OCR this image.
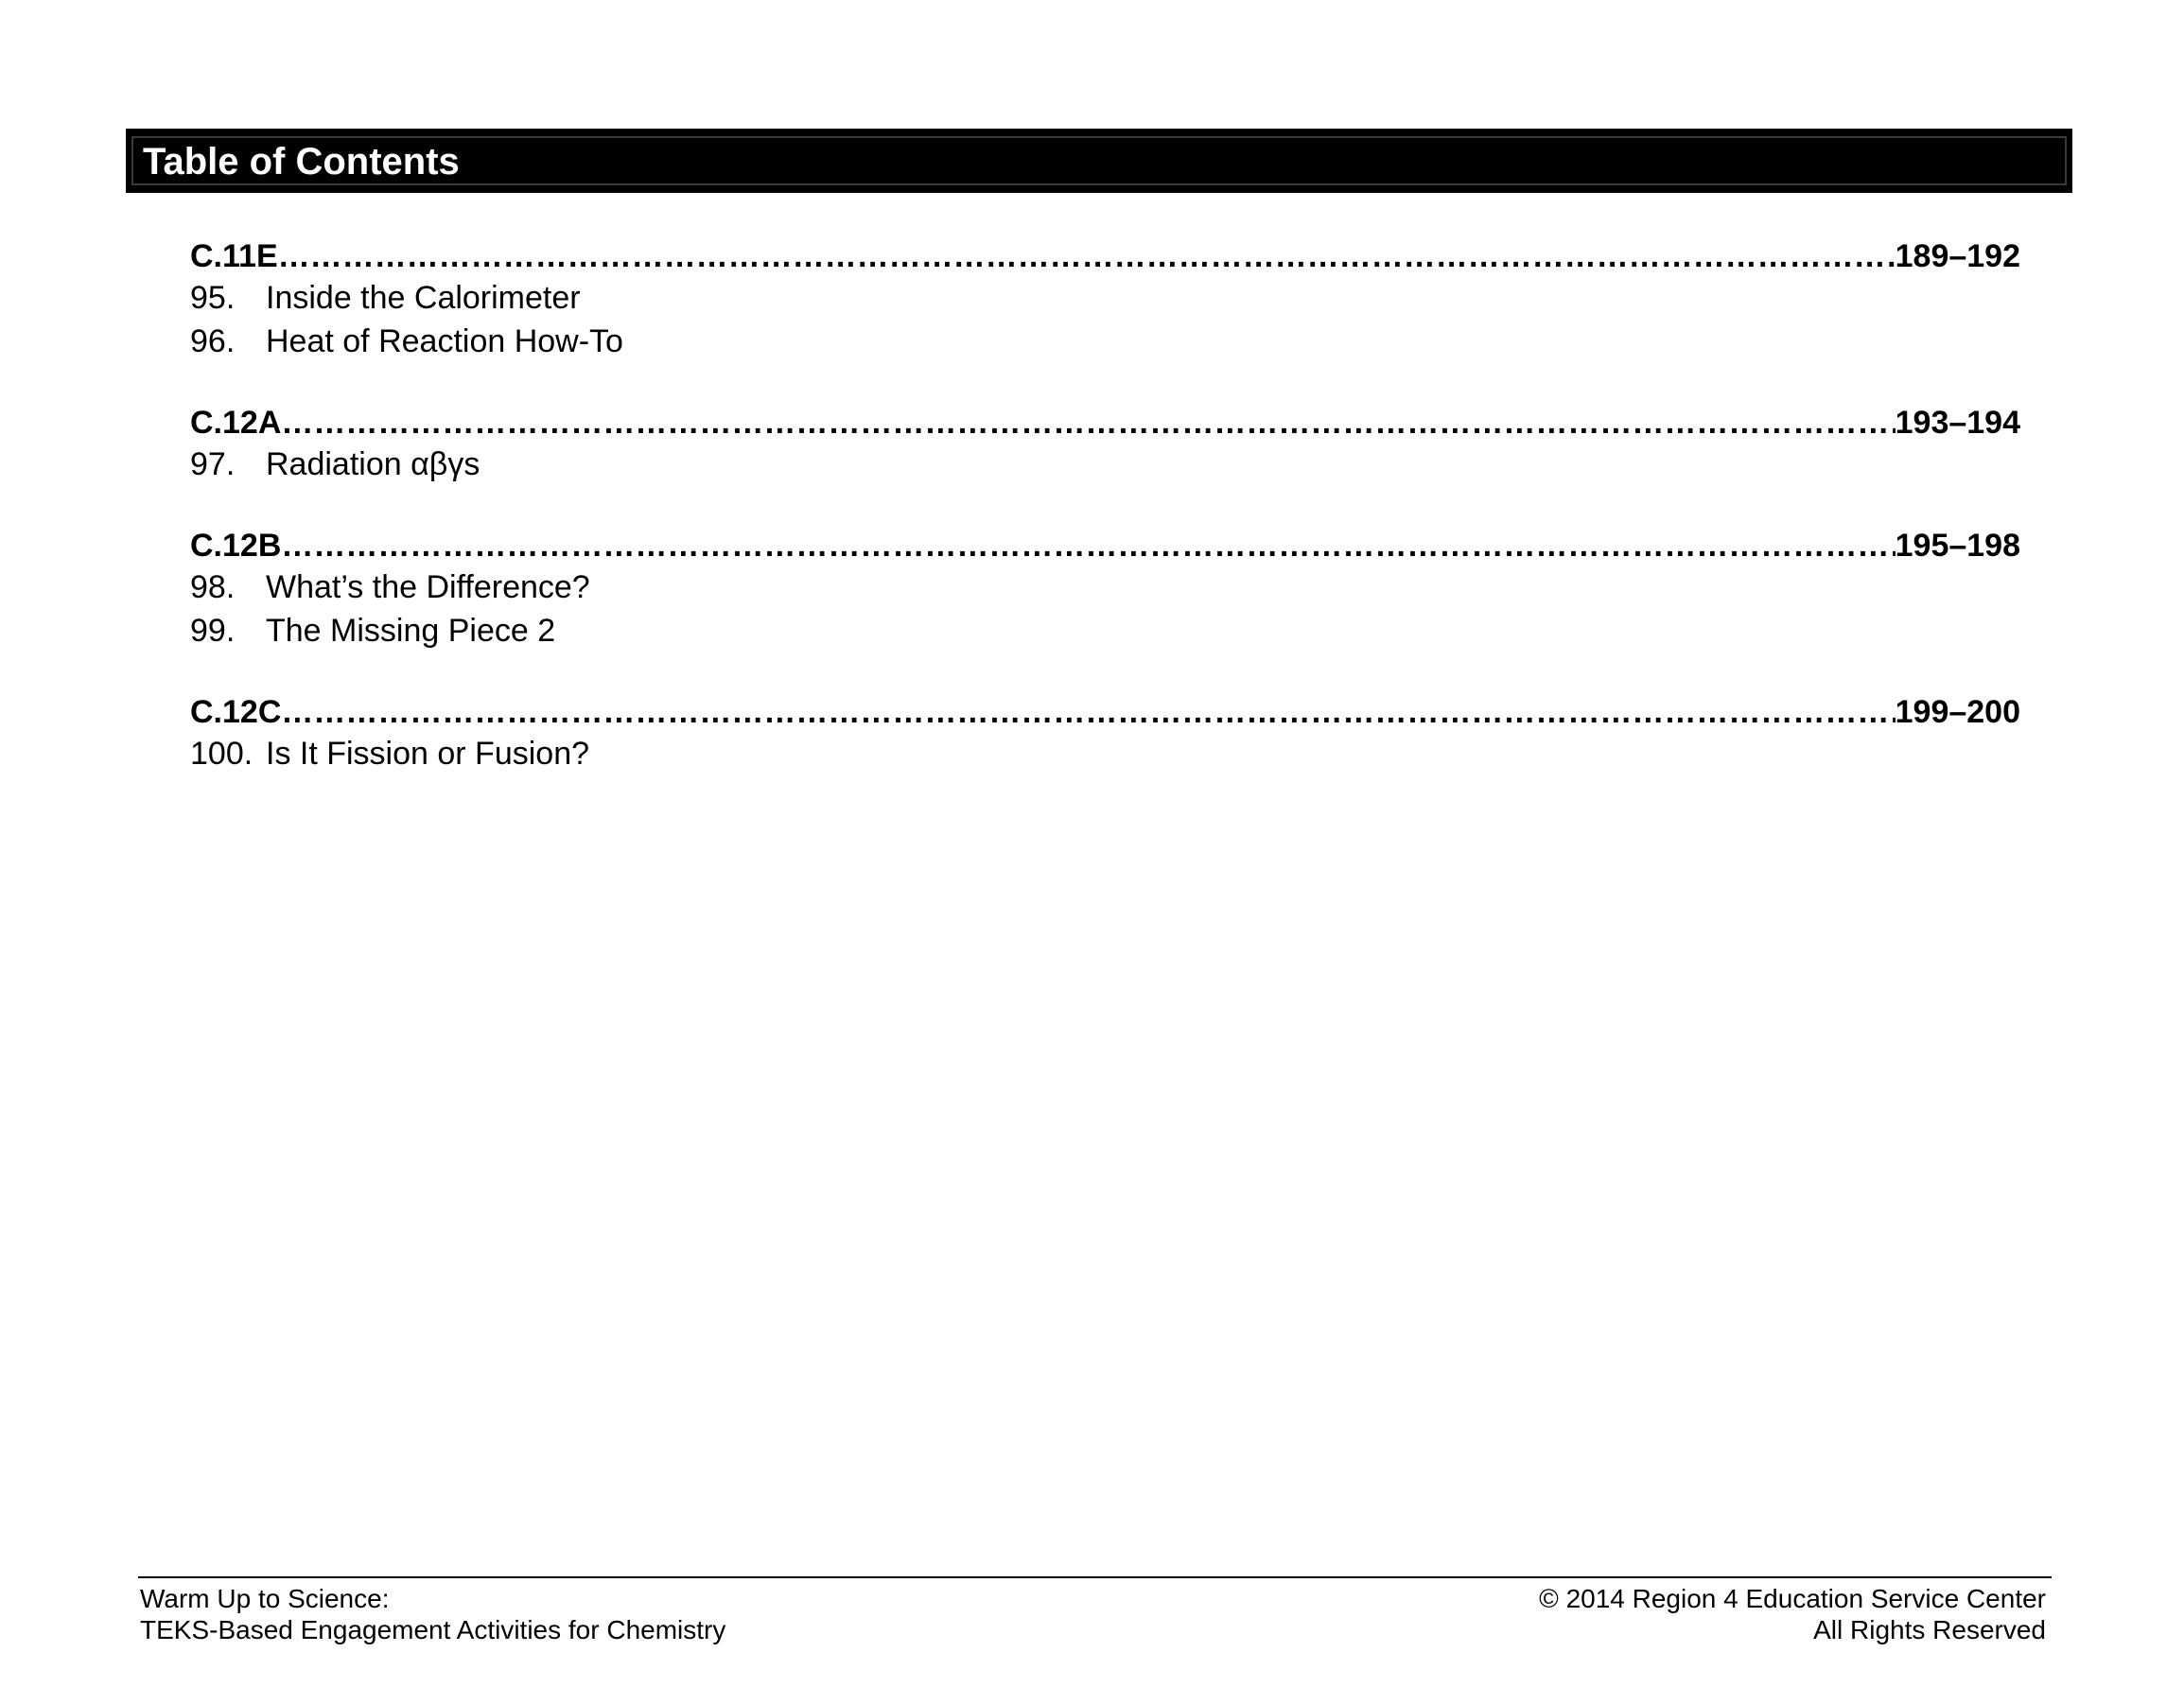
Table of Contents
C.11E ………………………………………………………………………………………………………………………………………………………………………………………………………………………………………………………………………	189–192
95. Inside the Calorimeter
96. Heat of Reaction How-To
C.12A ………………………………………………………………………………………………………………………………………………………………………………………………………………………………………………………………………	193–194
97. Radiation αβγs
C.12B ………………………………………………………………………………………………………………………………………………………………………………………………………………………………………………………………………	195–198
98. What’s the Difference?
99. The Missing Piece 2
C.12C ………………………………………………………………………………………………………………………………………………………………………………………………………………………………………………………………………	199–200
100. Is It Fission or Fusion?
Warm Up to Science:
TEKS-Based Engagement Activities for Chemistry
© 2014 Region 4 Education Service Center
All Rights Reserved
